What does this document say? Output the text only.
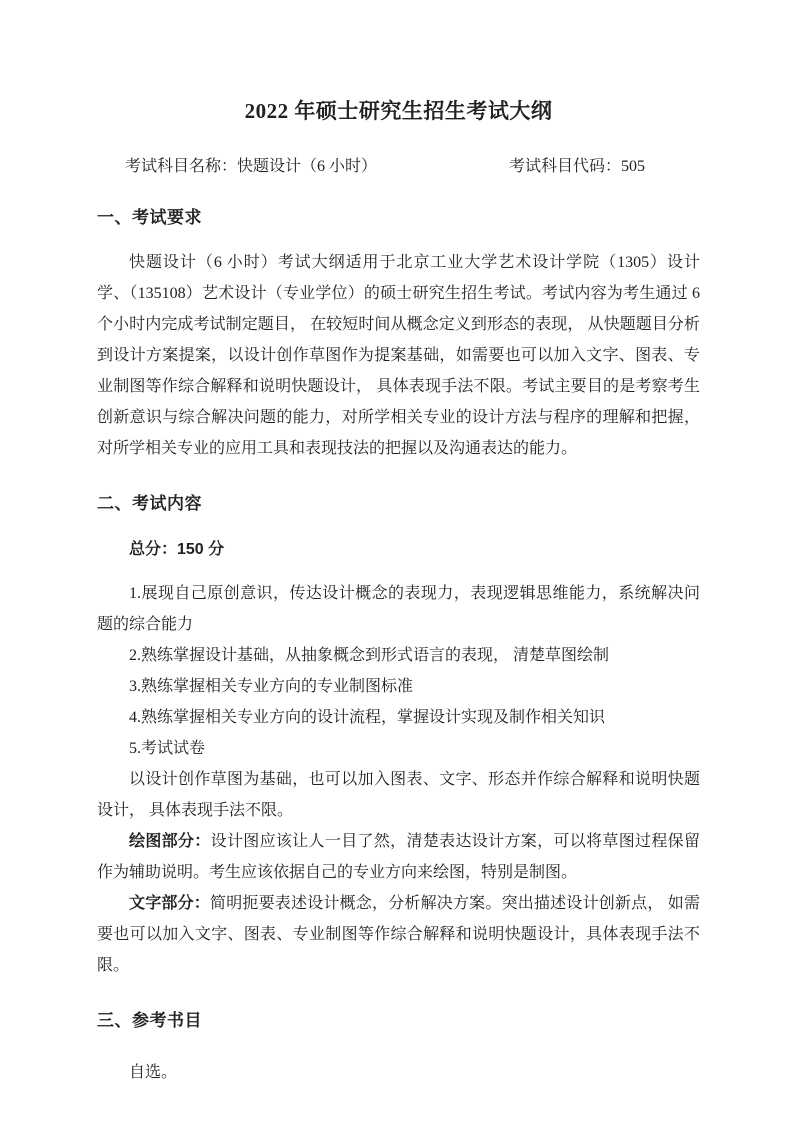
2022 年硕士研究生招生考试大纲
考试科目名称：快题设计（6 小时）	考试科目代码：505
一、考试要求

快题设计（6 小时）考试大纲适用于北京工业大学艺术设计学院（1305）设计学、（135108）艺术设计（专业学位）的硕士研究生招生考试。考试内容为考生通过 6 个小时内完成考试制定题目， 在较短时间从概念定义到形态的表现， 从快题题目分析到设计方案提案，以设计创作草图作为提案基础，如需要也可以加入文字、图表、专业制图等作综合解释和说明快题设计， 具体表现手法不限。考试主要目的是考察考生创新意识与综合解决问题的能力，对所学相关专业的设计方法与程序的理解和把握， 对所学相关专业的应用工具和表现技法的把握以及沟通表达的能力。

二、考试内容

总分：150 分

1.展现自己原创意识，传达设计概念的表现力，表现逻辑思维能力，系统解决问题的综合能力

2.熟练掌握设计基础，从抽象概念到形式语言的表现， 清楚草图绘制

3.熟练掌握相关专业方向的专业制图标准

4.熟练掌握相关专业方向的设计流程，掌握设计实现及制作相关知识

5.考试试卷

以设计创作草图为基础，也可以加入图表、文字、形态并作综合解释和说明快题设计， 具体表现手法不限。

绘图部分：设计图应该让人一目了然，清楚表达设计方案，可以将草图过程保留作为辅助说明。考生应该依据自己的专业方向来绘图，特别是制图。

文字部分：简明扼要表述设计概念，分析解决方案。突出描述设计创新点， 如需要也可以加入文字、图表、专业制图等作综合解释和说明快题设计，具体表现手法不限。

三、参考书目

自选。
